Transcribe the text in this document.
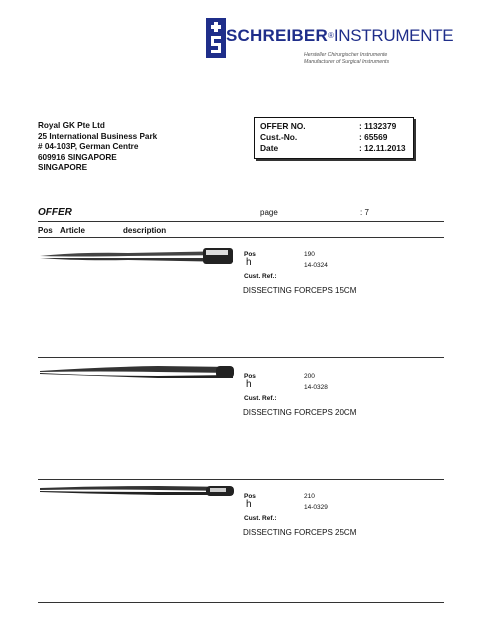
SCHREIBER®INSTRUMENTE
Hersteller Chirurgischer Instrumente
Manufacturer of Surgical Instruments
Royal GK Pte Ltd
25 International Business Park
# 04-103P, German Centre
609916 SINGAPORE
SINGAPORE
OFFER NO.	: 1132379
Cust.-No.	: 65569
Date	: 12.11.2013
OFFER	page	: 7
Pos Article	description
Pos	190
h	14-0324
Cust. Ref.:
DISSECTING FORCEPS 15CM
Pos	200
h	14-0328
Cust. Ref.:
DISSECTING FORCEPS 20CM
Pos	210
h	14-0329
Cust. Ref.:
DISSECTING FORCEPS 25CM
